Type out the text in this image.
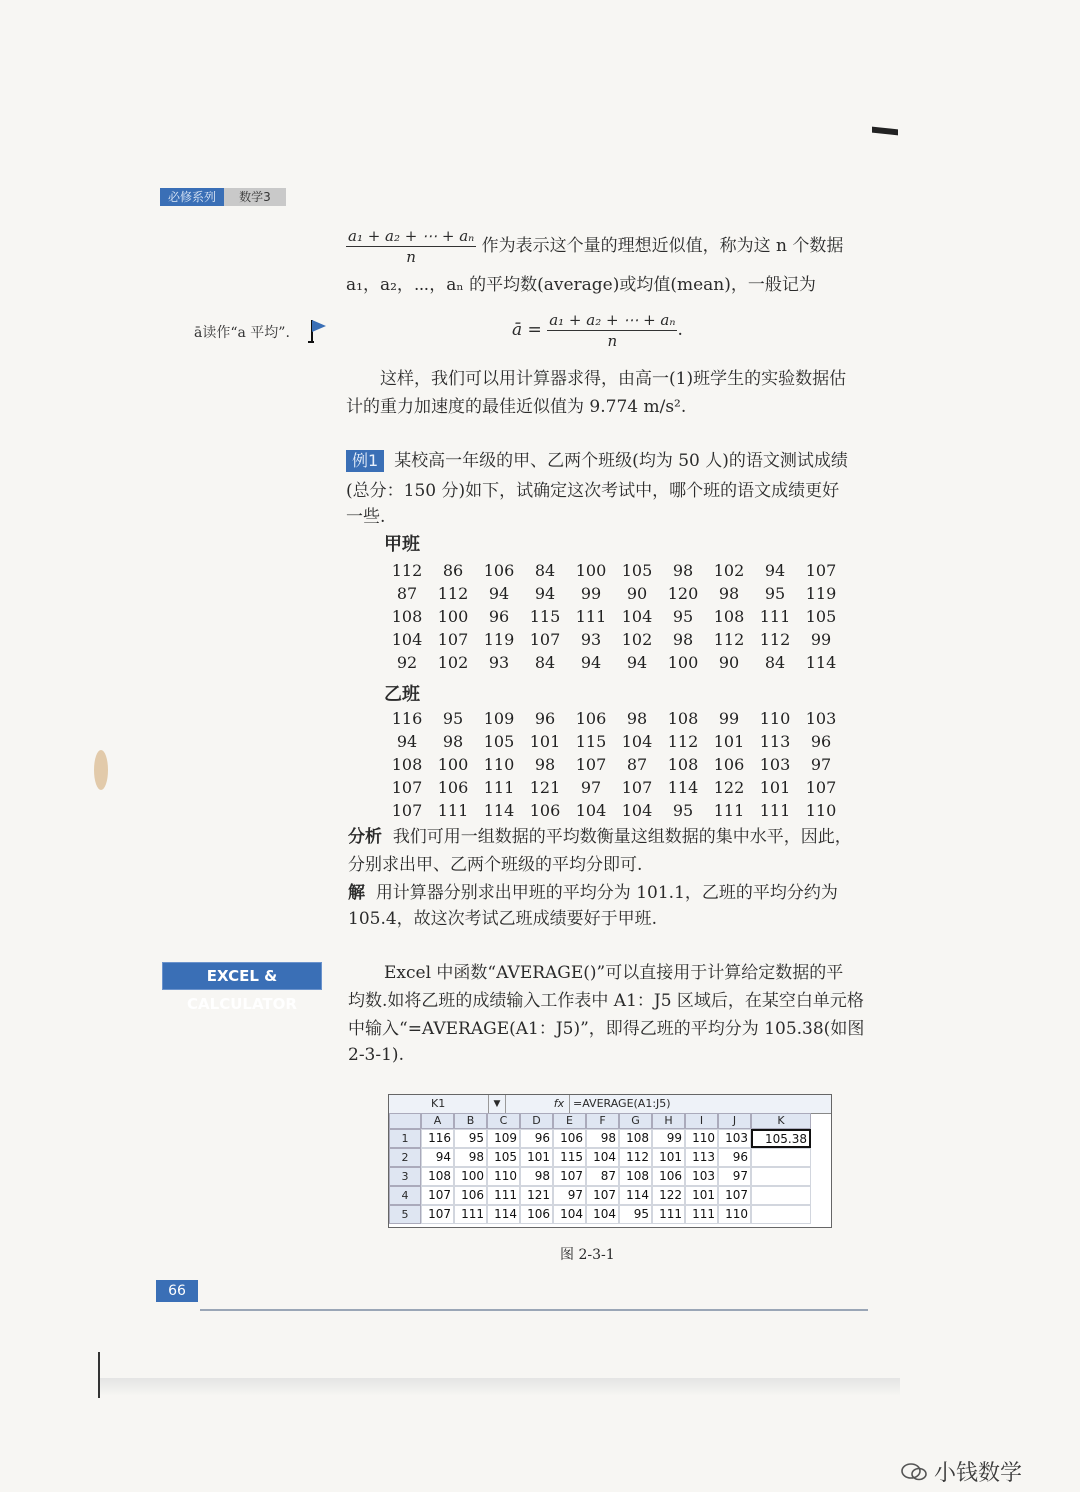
必修系列	数学3
$\frac{\text{a₁ + a₂ + ⋯ + aₙ}}{n}$ 作为表示这个量的理想近似值，称为这 n 个数据
a₁，a₂，⋯，aₙ 的平均数(average)或均值(mean)，一般记为
ā读作“a 平均”.	ā = $\frac{\text{a₁ + a₂ + ⋯ + aₙ}}{n}$ .
这样，我们可以用计算器求得，由高一(1)班学生的实验数据估
计的重力加速度的最佳近似值为 9.774 m/s².
例1 某校高一年级的甲、乙两个班级(均为 50 人)的语文测试成绩
(总分：150 分)如下，试确定这次考试中，哪个班的语文成绩更好
一些.
甲班
112	86	106	84	100 105	98	102	94	107
87	112	94	94	99	90	120	98	95	119
108 100	96	115 111 104	95	108 111 105
104 107 119 107	93	102	98	112 112	99
92	102	93	84	94	94	100	90	84	114
乙班
116	95	109	96	106	98	108	99	110 103
94	98	105 101 115 104 112 101 113	96
108 100 110	98	107	87	108 106 103	97
107 106 111 121	97	107 114 122 101 107
107 111 114 106 104 104	95	111 111 110
分析 我们可用一组数据的平均数衡量这组数据的集中水平，因此，
分别求出甲、乙两个班级的平均分即可.
解 用计算器分别求出甲班的平均分为 101.1，乙班的平均分约为
105.4，故这次考试乙班成绩要好于甲班.
EXCEL & CALCULATOR
Excel 中函数“AVERAGE()”可以直接用于计算给定数据的平
均数.如将乙班的成绩输入工作表中 A1：J5 区域后，在某空白单元格
中输入“=AVERAGE(A1：J5)”，即得乙班的平均分为 105.38(如图
2-3-1).
K1	▼	fx =AVERAGE(A1:J5)
A	B	C	D	E	F	G	H	I	J	K
1	116	95 109	96 106	98 108	99 110 103	105.38
2	94	98 105 101 115 104 112 101 113	96
3	108 100 110	98 107	87 108 106 103	97
4	107 106 111 121	97 107 114 122 101 107
5	107 111 114 106 104 104	95 111 111 110
图 2-3-1
66
小钱数学
